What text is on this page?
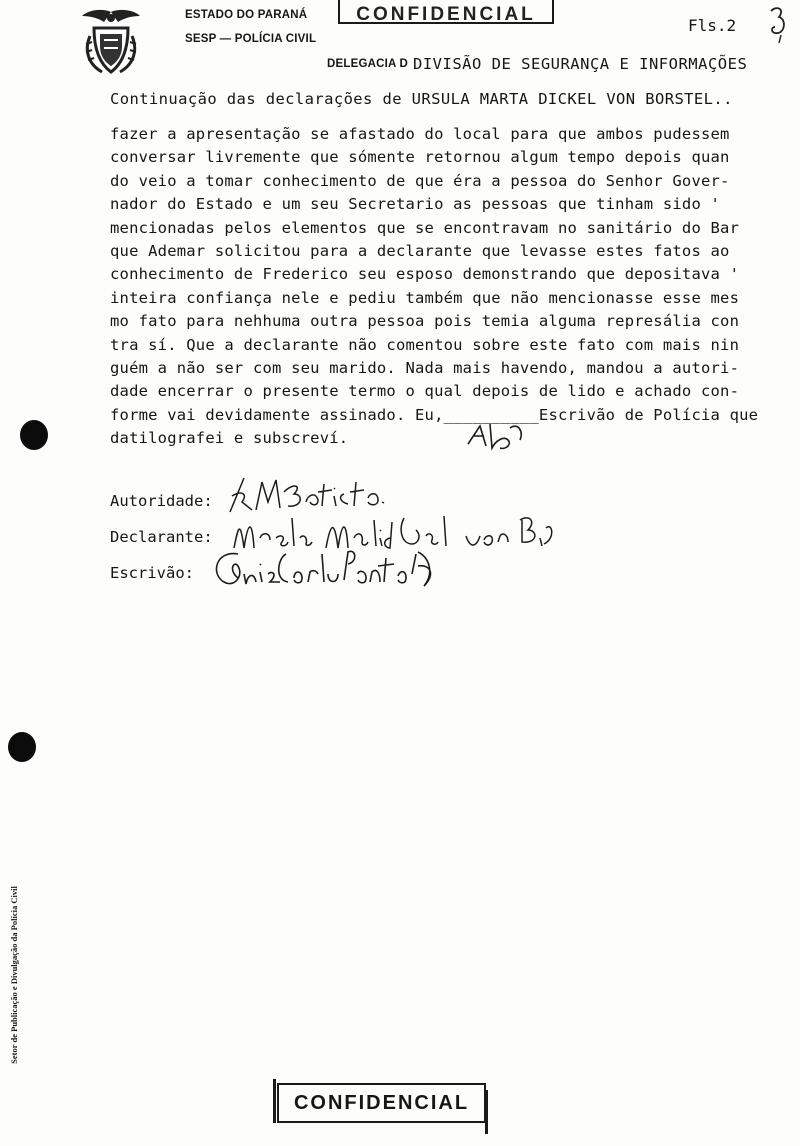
ESTADO DO PARANÁ
SESP — POLÍCIA CIVIL
DELEGACIA D
CONFIDENCIAL
Fls.2
DIVISÃO DE SEGURANÇA E INFORMAÇÕES
Continuação das declarações de URSULA MARTA DICKEL VON BORSTEL..
fazer a apresentação se afastado do local para que ambos pudessem
conversar livremente que sómente retornou algum tempo depois quan
do veio a tomar conhecimento de que éra a pessoa do Senhor Gover-
nador do Estado e um seu Secretario as pessoas que tinham sido '
mencionadas pelos elementos que se encontravam no sanitário do Bar
que Ademar solicitou para a declarante que levasse estes fatos ao
conhecimento de Frederico seu esposo demonstrando que depositava '
inteira confiança nele e pediu também que não mencionasse esse mes
mo fato para nehhuma outra pessoa pois temia alguma represália con
tra sí. Que a declarante não comentou sobre este fato com mais nin
guém a não ser com seu marido. Nada mais havendo, mandou a autori-
dade encerrar o presente termo o qual depois de lido e achado con-
forme vai devidamente assinado. Eu,__________Escrivão de Polícia que
datilografei e subscreví.
Autoridade:
Declarante:
Escrivão:
Setor de Publicação e Divulgação da Polícia Civil
CONFIDENCIAL
